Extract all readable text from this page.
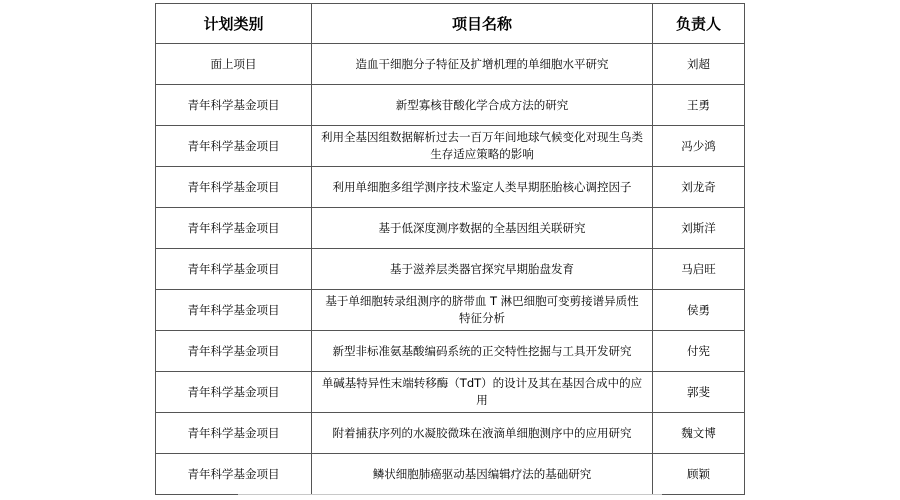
计划类别	项目名称	负责人
面上项目	造血干细胞分子特征及扩增机理的单细胞水平研究	刘超
青年科学基金项目	新型寡核苷酸化学合成方法的研究	王勇
青年科学基金项目	利用全基因组数据解析过去一百万年间地球气候变化对现生鸟类生存适应策略的影响	冯少鸿
青年科学基金项目	利用单细胞多组学测序技术鉴定人类早期胚胎核心调控因子	刘龙奇
青年科学基金项目	基于低深度测序数据的全基因组关联研究	刘斯洋
青年科学基金项目	基于滋养层类器官探究早期胎盘发育	马启旺
青年科学基金项目	基于单细胞转录组测序的脐带血 T 淋巴细胞可变剪接谱异质性特征分析	侯勇
青年科学基金项目	新型非标准氨基酸编码系统的正交特性挖掘与工具开发研究	付宪
青年科学基金项目	单碱基特异性末端转移酶（TdT）的设计及其在基因合成中的应用	郭斐
青年科学基金项目	附着捕获序列的水凝胶微珠在液滴单细胞测序中的应用研究	魏文博
青年科学基金项目	鳞状细胞肺癌驱动基因编辑疗法的基础研究	顾颖
